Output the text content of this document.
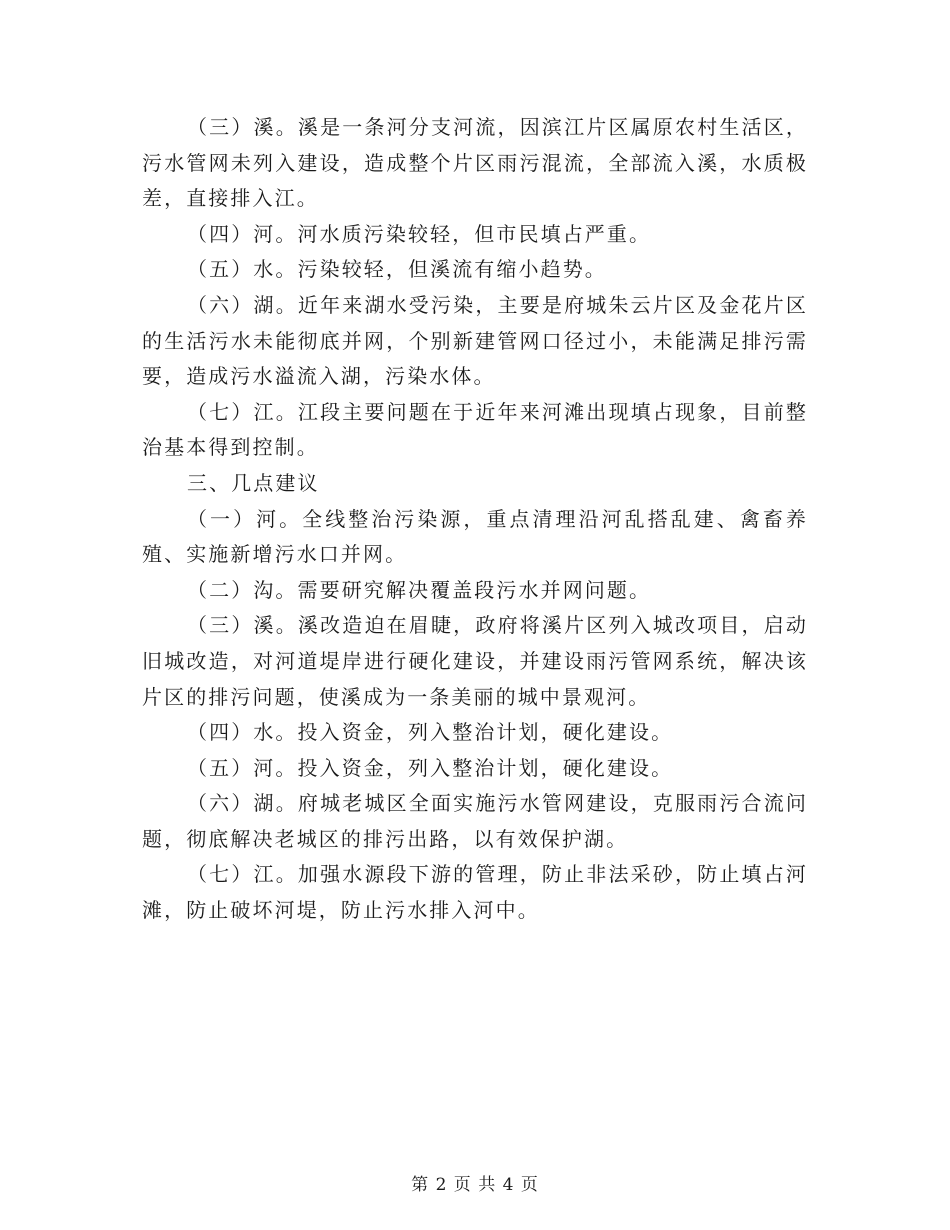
（三）溪。溪是一条河分支河流，因滨江片区属原农村生活区，污水管网未列入建设，造成整个片区雨污混流，全部流入溪，水质极差，直接排入江。

（四）河。河水质污染较轻，但市民填占严重。

（五）水。污染较轻，但溪流有缩小趋势。

（六）湖。近年来湖水受污染，主要是府城朱云片区及金花片区的生活污水未能彻底并网，个别新建管网口径过小，未能满足排污需要，造成污水溢流入湖，污染水体。

（七）江。江段主要问题在于近年来河滩出现填占现象，目前整治基本得到控制。

三、几点建议

（一）河。全线整治污染源，重点清理沿河乱搭乱建、禽畜养殖、实施新增污水口并网。

（二）沟。需要研究解决覆盖段污水并网问题。

（三）溪。溪改造迫在眉睫，政府将溪片区列入城改项目，启动旧城改造，对河道堤岸进行硬化建设，并建设雨污管网系统，解决该片区的排污问题，使溪成为一条美丽的城中景观河。

（四）水。投入资金，列入整治计划，硬化建设。

（五）河。投入资金，列入整治计划，硬化建设。

（六）湖。府城老城区全面实施污水管网建设，克服雨污合流问题，彻底解决老城区的排污出路，以有效保护湖。

（七）江。加强水源段下游的管理，防止非法采砂，防止填占河滩，防止破坏河堤，防止污水排入河中。

第 2 页 共 4 页
